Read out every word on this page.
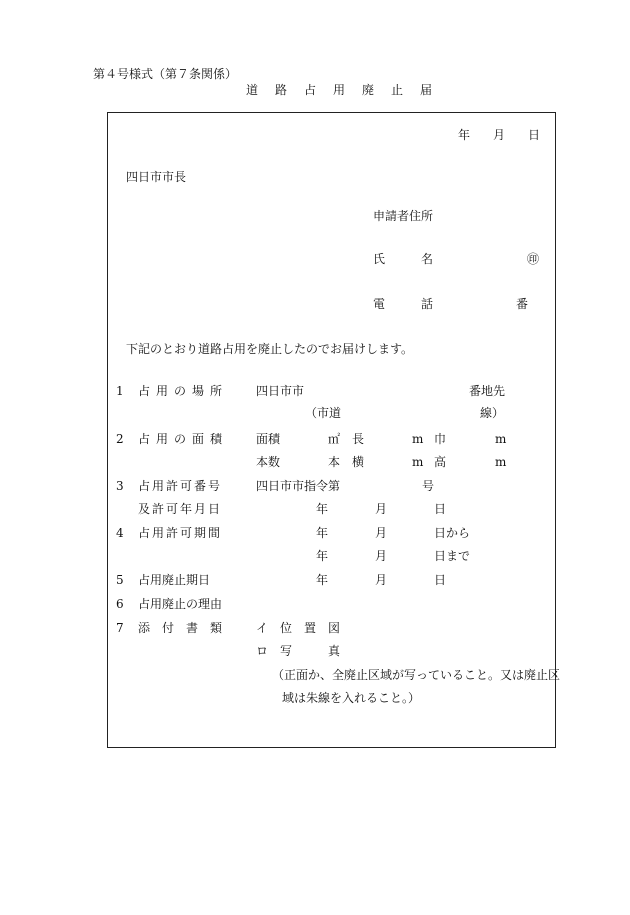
第４号様式（第７条関係）
道 路 占 用 廃 止 届
年 月 日
四日市市長
申請者住所
氏	名	㊞
電	話	番
下記のとおり道路占用を廃止したのでお届けします。
1 占 用 の 場 所	四日市市	番地先
（市道	線）
2 占 用 の 面 積	面積	㎡ 長	m 巾	m
本数	本 横	m 高	m
3 占 用 許 可 番 号	四日市市指令第	号
及 許 可 年 月 日	年	月	日
4 占 用 許 可 期 間	年	月	日から
年	月	日まで
5 占用廃止期日	年	月	日
6 占用廃止の理由
7 添 付 書 類	イ 位 置 図
ロ 写	真
（正面か、全廃止区域が写っていること。又は廃止区
域は朱線を入れること。）
